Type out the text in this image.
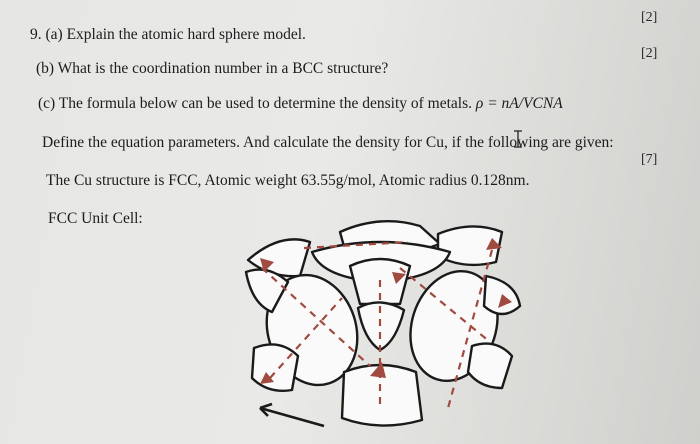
9. (a) Explain the atomic hard sphere model.
[2]
(b) What is the coordination number in a BCC structure?
[2]
(c) The formula below can be used to determine the density of metals. ρ = nA/VCNA
Define the equation parameters. And calculate the density for Cu, if the following are given:
[7]
The Cu structure is FCC, Atomic weight 63.55g/mol, Atomic radius 0.128nm.
FCC Unit Cell:
